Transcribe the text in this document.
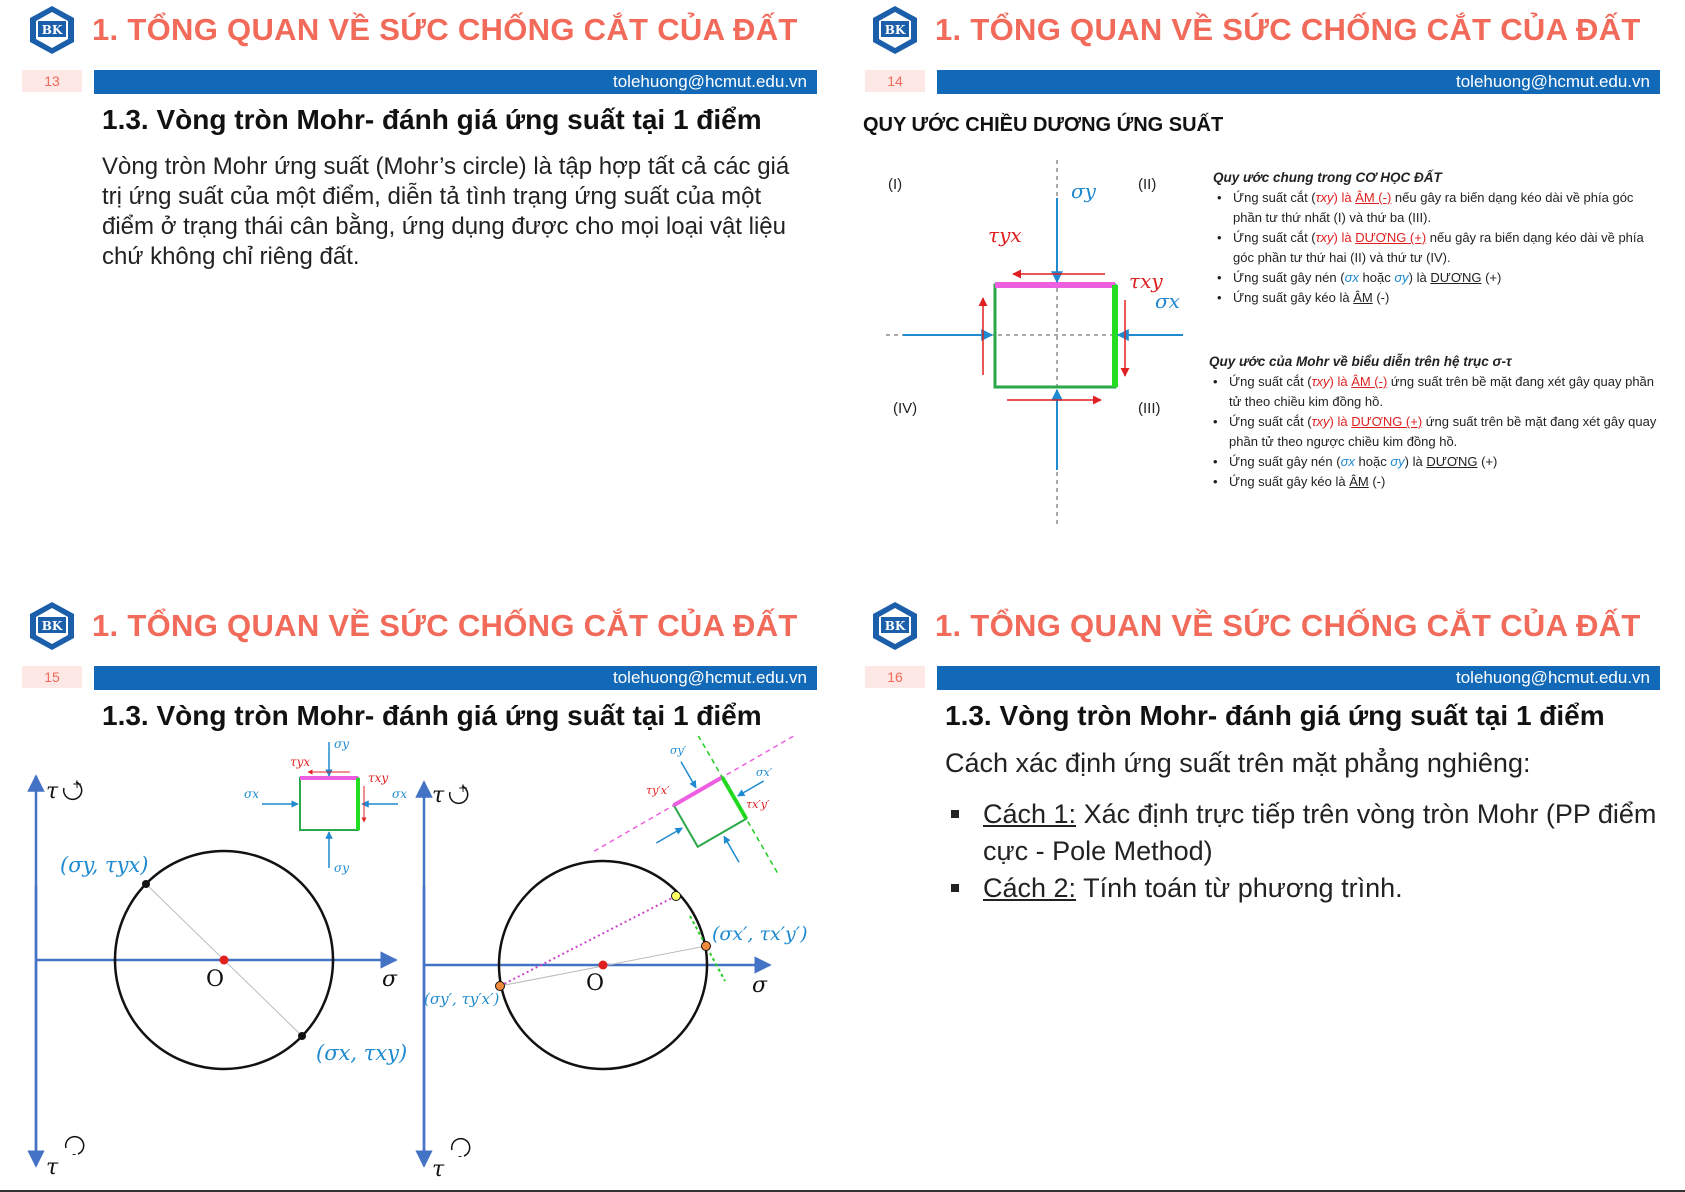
BK 1. TỔNG QUAN VỀ SỨC CHỐNG CẮT CỦA ĐẤT
13	tolehuong@hcmut.edu.vn
1.3. Vòng tròn Mohr- đánh giá ứng suất tại 1 điểm
Vòng tròn Mohr ứng suất (Mohr’s circle) là tập hợp tất cả các giá trị ứng suất của một điểm, diễn tả tình trạng ứng suất của một điểm ở trạng thái cân bằng, ứng dụng được cho mọi loại vật liệu chứ không chỉ riêng đất.
BK 1. TỔNG QUAN VỀ SỨC CHỐNG CẮT CỦA ĐẤT
14	tolehuong@hcmut.edu.vn
QUY ƯỚC CHIỀU DƯƠNG ỨNG SUẤT
σy
τyx
τxy
σx
(I)	(II)
(IV)	(III)
Quy ước chung trong CƠ HỌC ĐẤT
• Ứng suất cắt (τxy) là ÂM (-) nếu gây ra biến dạng kéo dài về phía góc phần tư thứ nhất (I) và thứ ba (III).
• Ứng suất cắt (τxy) là DƯƠNG (+) nếu gây ra biến dạng kéo dài về phía góc phần tư thứ hai (II) và thứ tư (IV).
• Ứng suất gây nén (σx hoặc σy) là DƯƠNG (+)
• Ứng suất gây kéo là ÂM (-)
Quy ước của Mohr về biểu diễn trên hệ trục σ-τ
• Ứng suất cắt (τxy) là ÂM (-) ứng suất trên bề mặt đang xét gây quay phần tử theo chiều kim đồng hồ.
• Ứng suất cắt (τxy) là DƯƠNG (+) ứng suất trên bề mặt đang xét gây quay phần tử theo ngược chiều kim đồng hồ.
• Ứng suất gây nén (σx hoặc σy) là DƯƠNG (+)
• Ứng suất gây kéo là ÂM (-)
BK 1. TỔNG QUAN VỀ SỨC CHỐNG CẮT CỦA ĐẤT
15	tolehuong@hcmut.edu.vn
1.3. Vòng tròn Mohr- đánh giá ứng suất tại 1 điểm
τ +
τ
-
O	σ
(σy, τyx)
(σx, τxy)
σy
σy
σx	σx
τyx
τxy
τ +
τ
-
O	σ
(σx′, τx′y′)
(σy′, τy′x′)
σy′
σx′
τy′x′
τx′y′
BK 1. TỔNG QUAN VỀ SỨC CHỐNG CẮT CỦA ĐẤT
16	tolehuong@hcmut.edu.vn
1.3. Vòng tròn Mohr- đánh giá ứng suất tại 1 điểm
Cách xác định ứng suất trên mặt phẳng nghiêng:
Cách 1: Xác định trực tiếp trên vòng tròn Mohr (PP điểm cực - Pole Method)
Cách 2: Tính toán từ phương trình.
